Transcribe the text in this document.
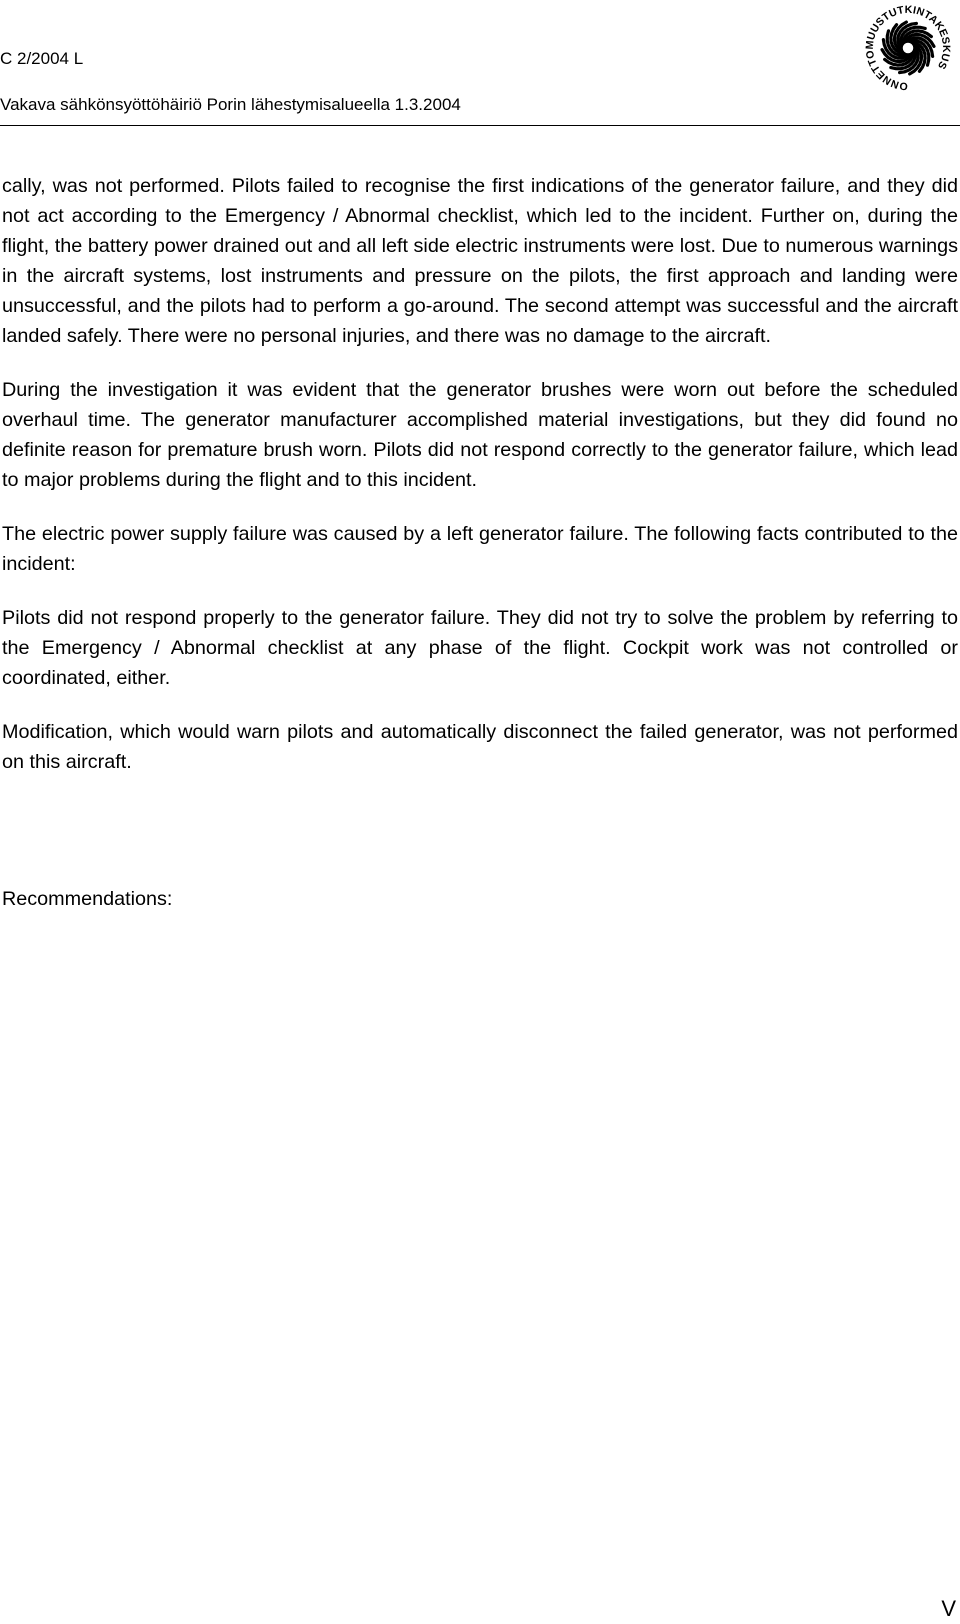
C 2/2004 L
Vakava sähkönsyöttöhäiriö Porin lähestymisalueella 1.3.2004
ONNETTOMUUSTUTKINTAKESKUS

cally, was not performed. Pilots failed to recognise the first indications of the generator failure, and they did not act according to the Emergency / Abnormal checklist, which led to the incident. Further on, during the flight, the battery power drained out and all left side electric instruments were lost. Due to numerous warnings in the aircraft systems, lost instruments and pressure on the pilots, the first approach and landing were unsuccessful, and the pilots had to perform a go-around. The second attempt was successful and the aircraft landed safely. There were no personal injuries, and there was no damage to the aircraft.

During the investigation it was evident that the generator brushes were worn out before the scheduled overhaul time. The generator manufacturer accomplished material investigations, but they did found no definite reason for premature brush worn. Pilots did not respond correctly to the generator failure, which lead to major problems during the flight and to this incident.

The electric power supply failure was caused by a left generator failure. The following facts contributed to the incident:

Pilots did not respond properly to the generator failure. They did not try to solve the problem by referring to the Emergency / Abnormal checklist at any phase of the flight. Cockpit work was not controlled or coordinated, either.

Modification, which would warn pilots and automatically disconnect the failed generator, was not performed on this aircraft.

Recommendations:
V
